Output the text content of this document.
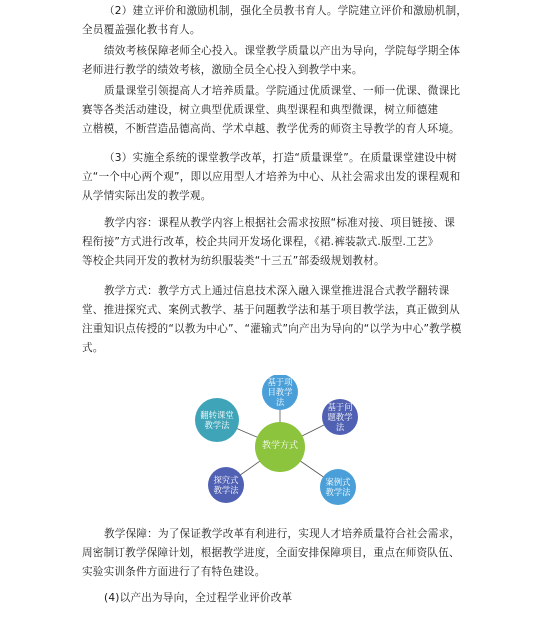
（2）建立评价和激励机制，强化全员教书育人。学院建立评价和激励机制，
全员覆盖强化教书育人。

绩效考核保障老师全心投入。课堂教学质量以产出为导向，学院每学期全体
老师进行教学的绩效考核，激励全员全心投入到教学中来。

质量课堂引领提高人才培养质量。学院通过优质课堂、一师一优课、微课比
赛等各类活动建设，树立典型优质课堂、典型课程和典型微课，树立师德建
立楷模，不断营造品德高尚、学术卓越、教学优秀的师资主导教学的育人环境。

（3）实施全系统的课堂教学改革，打造“质量课堂”。在质量课堂建设中树
立“一个中心两个观”，即以应用型人才培养为中心、从社会需求出发的课程观和
从学情实际出发的教学观。

教学内容：课程从教学内容上根据社会需求按照“标准对接、项目链接、课
程衔接”方式进行改革，校企共同开发场化课程，《裙.裤装款式.版型.工艺》
等校企共同开发的教材为纺织服装类“十三五”部委级规划教材。

教学方式：教学方式上通过信息技术深入融入课堂推进混合式教学翻转课
堂、推进探究式、案例式教学、基于问题教学法和基于项目教学法，真正做到从
注重知识点传授的“以教为中心”、“灌输式”向产出为导向的“以学为中心”教学模
式。

教学方式
基于项
目教学
法	基于问
题教学
法
案例式
教学法
探究式
教学法
翻转课堂
教学法

教学保障：为了保证教学改革有利进行，实现人才培养质量符合社会需求，
周密制订教学保障计划，根据教学进度，全面安排保障项目，重点在师资队伍、
实验实训条件方面进行了有特色建设。

(4)以产出为导向，全过程学业评价改革
